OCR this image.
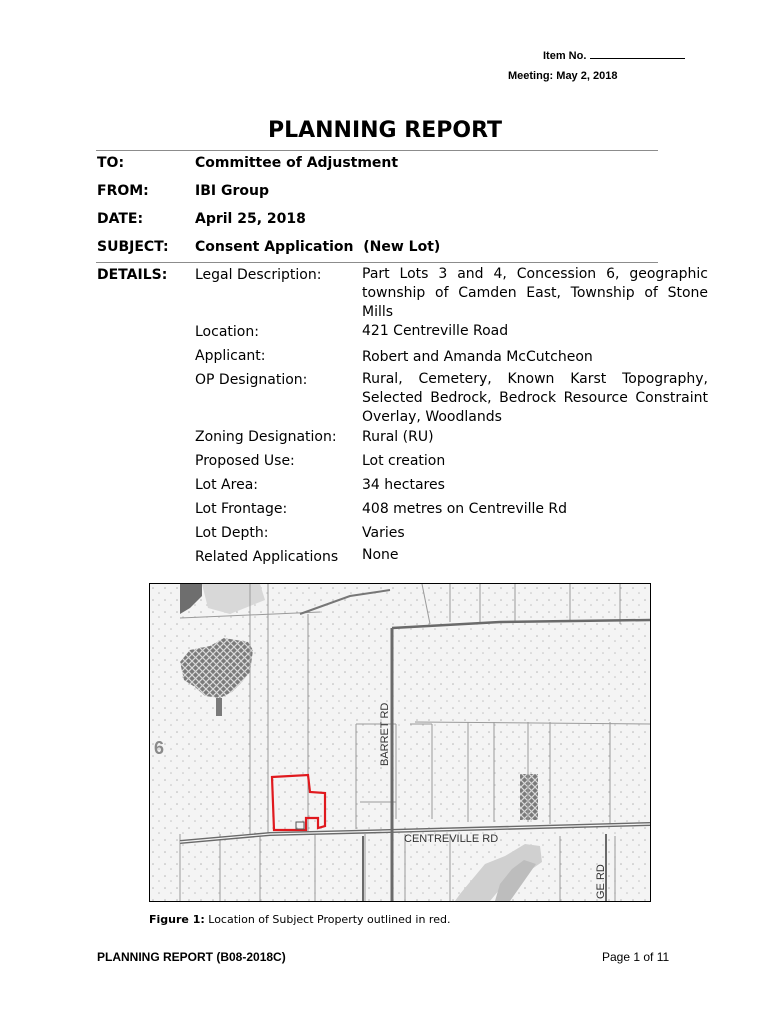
Item No.
Meeting: May 2, 2018
PLANNING REPORT
TO:	Committee of Adjustment
FROM:	IBI Group
DATE:	April 25, 2018
SUBJECT: Consent Application  (New Lot)
DETAILS: Legal Description:	Part Lots 3 and 4, Concession 6, geographic township of Camden East, Township of Stone Mills
Location:	421 Centreville Road
Applicant:	Robert and Amanda McCutcheon
OP Designation:	Rural, Cemetery, Known Karst Topography, Selected Bedrock, Bedrock Resource Constraint Overlay, Woodlands
Zoning Designation: Rural (RU)
Proposed Use:	Lot creation
Lot Area:	34 hectares
Lot Frontage:	408 metres on Centreville Rd
Lot Depth:	Varies
Related Applications None
6	BARRET RD
CENTREVILLE RD
GE RD
Figure 1: Location of Subject Property outlined in red.
PLANNING REPORT (B08-2018C)	Page 1 of 11
